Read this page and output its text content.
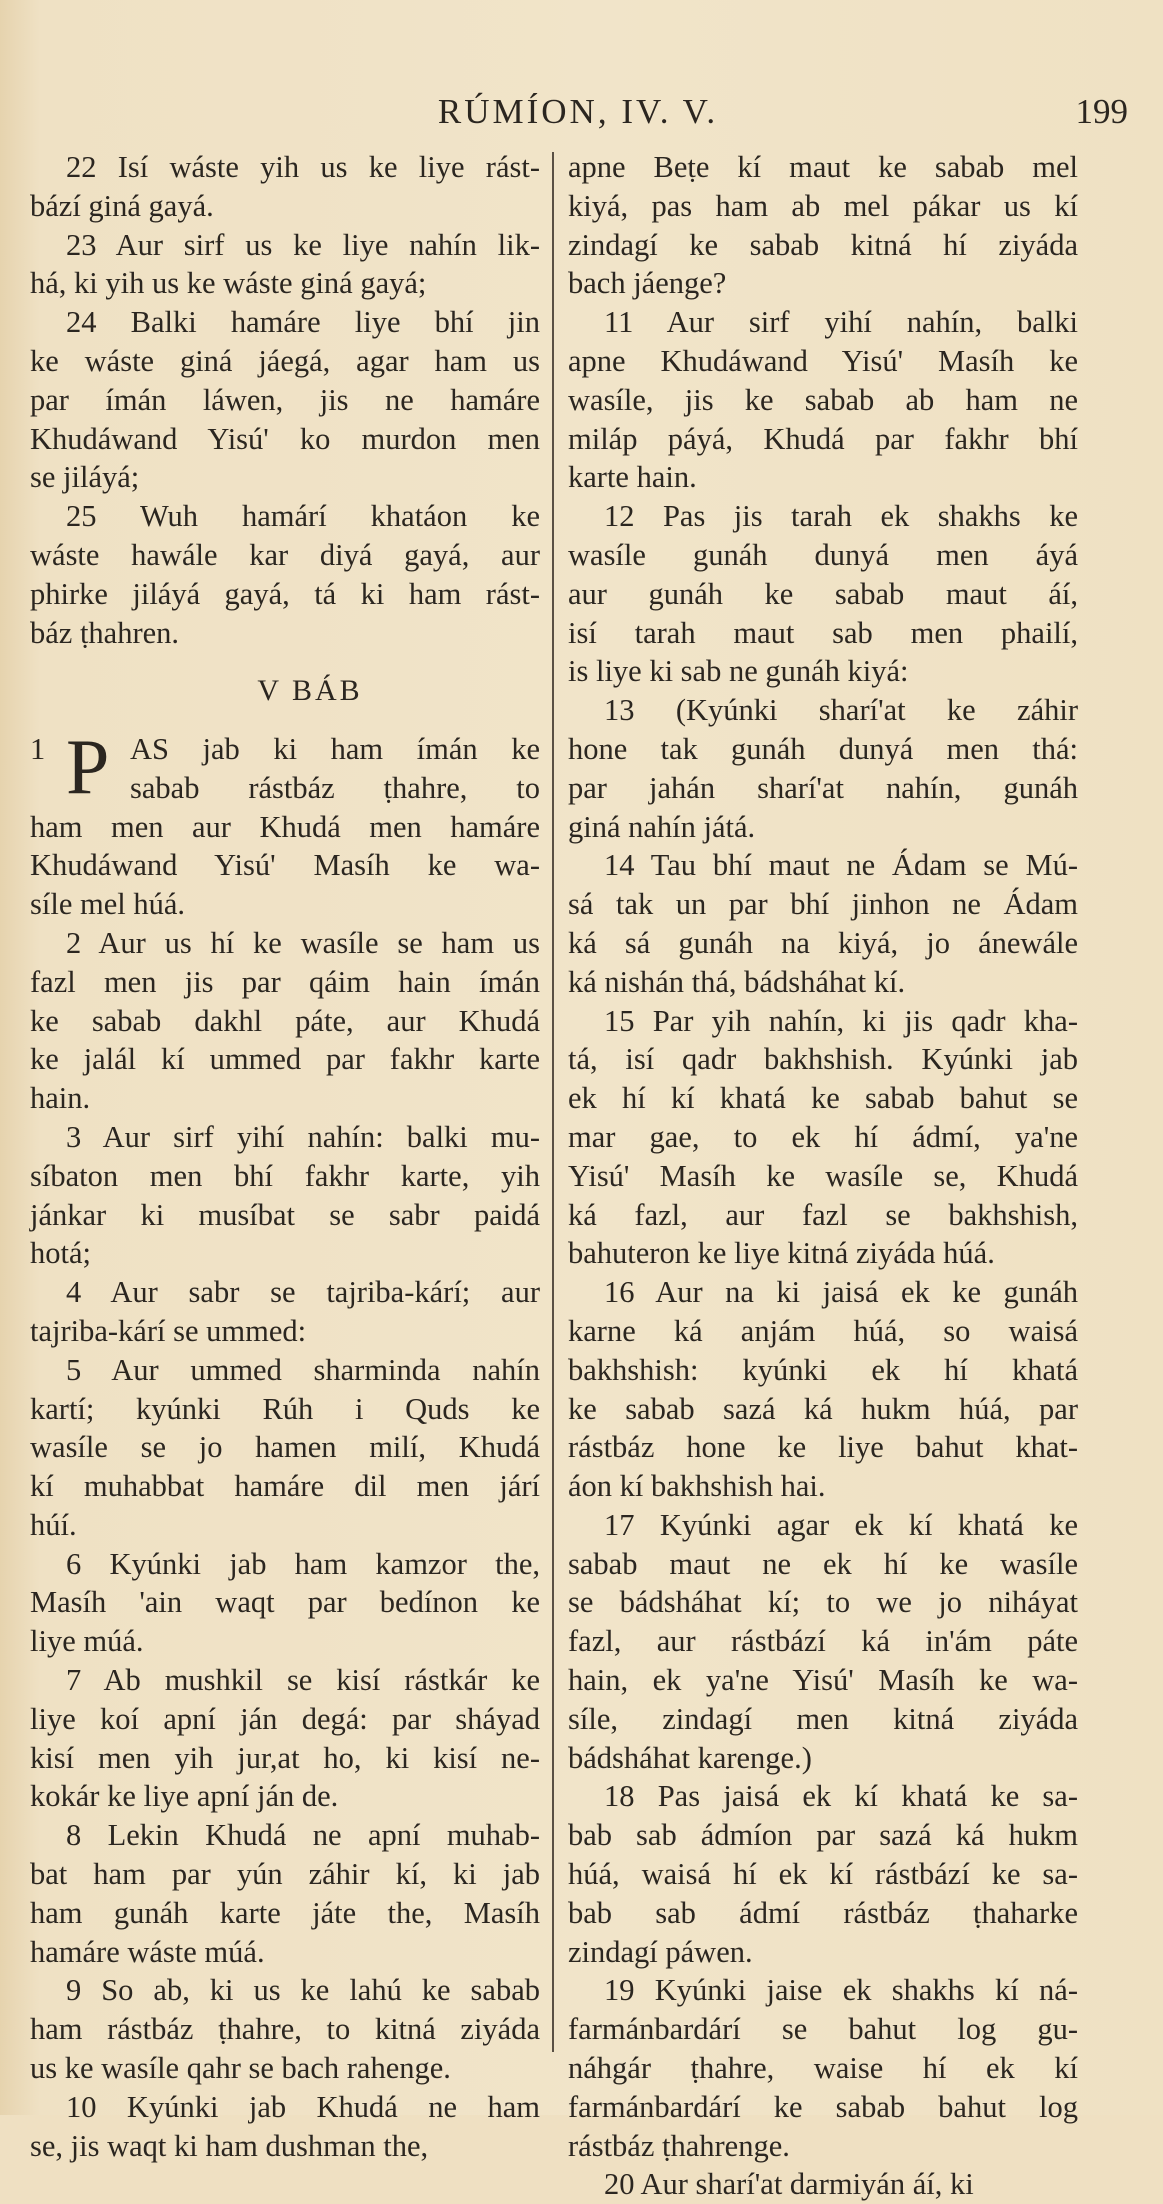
RÚMÍON, IV. V.	199
22 Isí wáste yih us ke liye rást-
bází giná gayá.
23 Aur sirf us ke liye nahín lik-
há, ki yih us ke wáste giná gayá;
24 Balki hamáre liye bhí jin
ke wáste giná jáegá, agar ham us
par ímán láwen, jis ne hamáre
Khudáwand Yisú' ko murdon men
se jiláyá;
25 Wuh hamárí khatáon ke
wáste hawále kar diyá gayá, aur
phirke jiláyá gayá, tá ki ham rást-
báz ṭhahren.
V BÁB
P
1	AS jab ki ham ímán ke
sabab rástbáz ṭhahre, to
ham men aur Khudá men hamáre
Khudáwand Yisú' Masíh ke wa-
síle mel húá.
2 Aur us hí ke wasíle se ham us
fazl men jis par qáim hain ímán
ke sabab dakhl páte, aur Khudá
ke jalál kí ummed par fakhr karte
hain.
3 Aur sirf yihí nahín: balki mu-
síbaton men bhí fakhr karte, yih
jánkar ki musíbat se sabr paidá
hotá;
4 Aur sabr se tajriba-kárí; aur
tajriba-kárí se ummed:
5 Aur ummed sharminda nahín
kartí; kyúnki Rúh i Quds ke
wasíle se jo hamen milí, Khudá
kí muhabbat hamáre dil men járí
húí.
6 Kyúnki jab ham kamzor the,
Masíh 'ain waqt par bedínon ke
liye múá.
7 Ab mushkil se kisí rástkár ke
liye koí apní ján degá: par sháyad
kisí men yih jur,at ho, ki kisí ne-
kokár ke liye apní ján de.
8 Lekin Khudá ne apní muhab-
bat ham par yún záhir kí, ki jab
ham gunáh karte játe the, Masíh
hamáre wáste múá.
9 So ab, ki us ke lahú ke sabab
ham rástbáz ṭhahre, to kitná ziyáda
us ke wasíle qahr se bach rahenge.
10 Kyúnki jab Khudá ne ham
se, jis waqt ki ham dushman the,
apne Beṭe kí maut ke sabab mel
kiyá, pas ham ab mel pákar us kí
zindagí ke sabab kitná hí ziyáda
bach jáenge?
11 Aur sirf yihí nahín, balki
apne Khudáwand Yisú' Masíh ke
wasíle, jis ke sabab ab ham ne
miláp páyá, Khudá par fakhr bhí
karte hain.
12 Pas jis tarah ek shakhs ke
wasíle gunáh dunyá men áyá
aur gunáh ke sabab maut áí,
isí tarah maut sab men phailí,
is liye ki sab ne gunáh kiyá:
13 (Kyúnki sharí'at ke záhir
hone tak gunáh dunyá men thá:
par jahán sharí'at nahín, gunáh
giná nahín játá.
14 Tau bhí maut ne Ádam se Mú-
sá tak un par bhí jinhon ne Ádam
ká sá gunáh na kiyá, jo ánewále
ká nishán thá, bádsháhat kí.
15 Par yih nahín, ki jis qadr kha-
tá, isí qadr bakhshish. Kyúnki jab
ek hí kí khatá ke sabab bahut se
mar gae, to ek hí ádmí, ya'ne
Yisú' Masíh ke wasíle se, Khudá
ká fazl, aur fazl se bakhshish,
bahuteron ke liye kitná ziyáda húá.
16 Aur na ki jaisá ek ke gunáh
karne ká anjám húá, so waisá
bakhshish: kyúnki ek hí khatá
ke sabab sazá ká hukm húá, par
rástbáz hone ke liye bahut khat-
áon kí bakhshish hai.
17 Kyúnki agar ek kí khatá ke
sabab maut ne ek hí ke wasíle
se bádsháhat kí; to we jo niháyat
fazl, aur rástbází ká in'ám páte
hain, ek ya'ne Yisú' Masíh ke wa-
síle, zindagí men kitná ziyáda
bádsháhat karenge.)
18 Pas jaisá ek kí khatá ke sa-
bab sab ádmíon par sazá ká hukm
húá, waisá hí ek kí rástbází ke sa-
bab sab ádmí rástbáz ṭhaharke
zindagí páwen.
19 Kyúnki jaise ek shakhs kí ná-
farmánbardárí se bahut log gu-
náhgár ṭhahre, waise hí ek kí
farmánbardárí ke sabab bahut log
rástbáz ṭhahrenge.
20 Aur sharí'at darmiyán áí, ki
